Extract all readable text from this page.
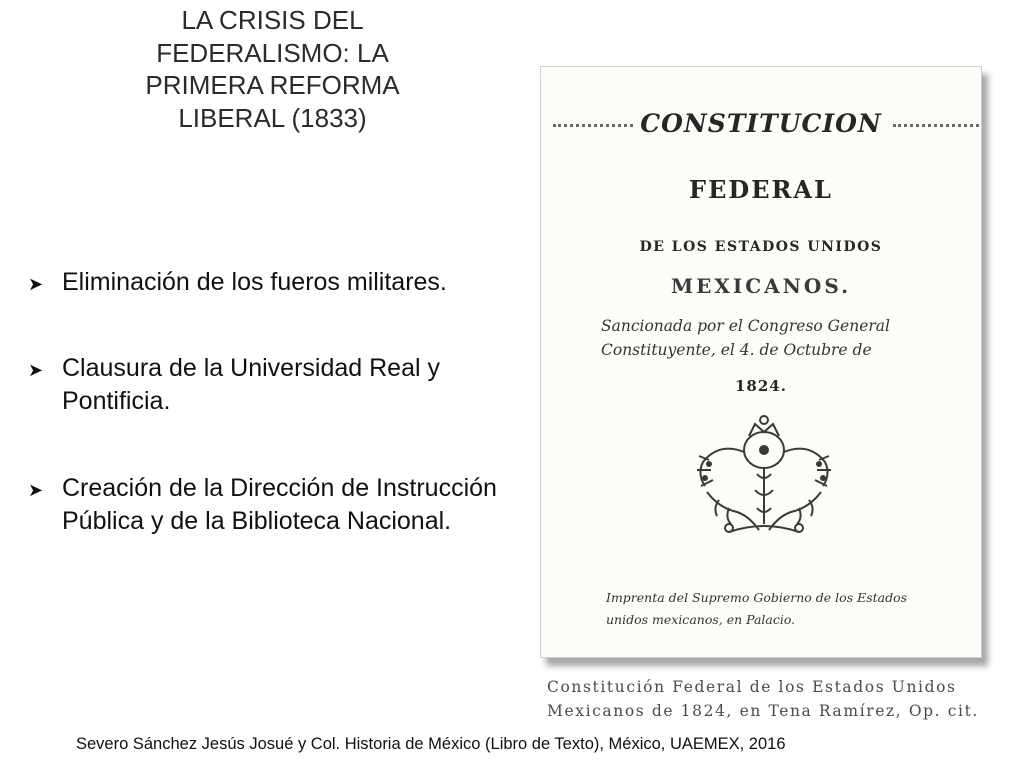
LA CRISIS DEL FEDERALISMO: LA PRIMERA REFORMA LIBERAL (1833)
➤ Eliminación de los fueros militares.
➤ Clausura de la Universidad Real y Pontificia.
➤ Creación de la Dirección de Instrucción Pública y de la Biblioteca Nacional.
CONSTITUCION
FEDERAL
DE LOS ESTADOS UNIDOS
MEXICANOS.
Sancionada por el Congreso General Constituyente, el 4. de Octubre de
1824.
Imprenta del Supremo Gobierno de los Estados unidos mexicanos, en Palacio.
Constitución Federal de los Estados Unidos Mexicanos de 1824, en Tena Ramírez, Op. cit.
Severo Sánchez Jesús Josué y Col. Historia de México (Libro de Texto), México, UAEMEX, 2016
